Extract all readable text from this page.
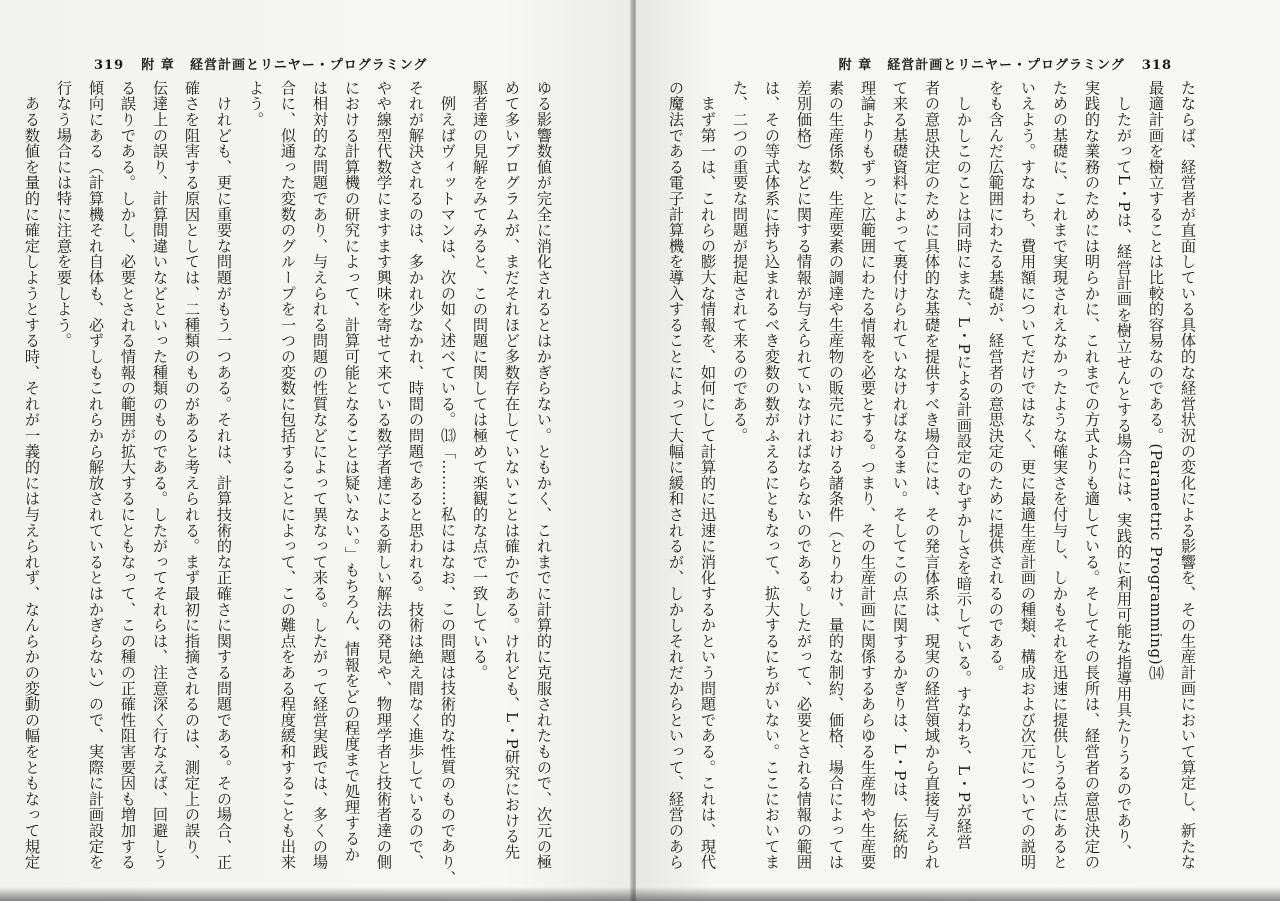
319 附 章 経営計画とリニヤー・プログラミング
ゆる影響数値が完全に消化されるとはかぎらない。ともかく、これまでに計算的に克服されたもので、次元の極
めて多いプログラムが、まだそれほど多数存在していないことは確かである。けれども、L・P研究における先
駆者達の見解をみてみると、この問題に関しては極めて楽観的な点で一致している。
　例えばヴィットマンは、次の如く述べている。⒀「………私にはなお、この問題は技術的な性質のものであり、
それが解決されるのは、多かれ少なかれ、時間の問題であると思われる。技術は絶え間なく進歩しているので、
やや線型代数学にますます興味を寄せて来ている数学者達による新しい解法の発見や、物理学者と技術者達の側
における計算機の研究によって、計算可能となることは疑いない。」もちろん、情報をどの程度まで処理するか
は相対的な問題であり、与えられる問題の性質などによって異なって来る。したがって経営実践では、多くの場
合に、似通った変数のグループを一つの変数に包括することによって、この難点をある程度緩和することも出来
よう。
　けれども、更に重要な問題がもう一つある。それは、計算技術的な正確さに関する問題である。その場合、正
確さを阻害する原因としては、二種類のものがあると考えられる。まず最初に指摘されるのは、測定上の誤り、
伝達上の誤り、計算間違いなどといった種類のものである。したがってそれらは、注意深く行なえば、回避しう
る誤りである。しかし、必要とされる情報の範囲が拡大するにともなって、この種の正確性阻害要因も増加する
傾向にある（計算機それ自体も、必ずしもこれらから解放されているとはかぎらない）ので、実際に計画設定を
行なう場合には特に注意を要しよう。
　ある数値を量的に確定しようとする時、それが一義的には与えられず、なんらかの変動の幅をともなって規定
附 章 経営計画とリニヤー・プログラミング 318
たならば、経営者が直面している具体的な経営状況の変化による影響を、その生産計画において算定し、新たな
最適計画を樹立することは比較的容易なのである。(Parametric Programming)⒁
　したがってL・Pは、経営計画を樹立せんとする場合には、実践的に利用可能な指導用具たりうるのであり、
実践的な業務のためには明らかに、これまでの方式よりも適している。そしてその長所は、経営者の意思決定の
ための基礎に、これまで実現されえなかったような確実さを付与し、しかもそれを迅速に提供しうる点にあると
いえよう。すなわち、費用額についてだけではなく、更に最適生産計画の種類、構成および次元についての説明
をも含んだ広範囲にわたる基礎が、経営者の意思決定のために提供されるのである。
　しかしこのことは同時にまた、L・Pによる計画設定のむずかしさを暗示している。すなわち、L・Pが経営
者の意思決定のために具体的な基礎を提供すべき場合には、その発言体系は、現実の経営領域から直接与えられ
て来る基礎資料によって裏付けられていなければなるまい。そしてこの点に関するかぎりは、L・Pは、伝統的
理論よりもずっと広範囲にわたる情報を必要とする。つまり、その生産計画に関係するあらゆる生産物や生産要
素の生産係数、生産要素の調達や生産物の販売における諸条件（とりわけ、量的な制約、価格、場合によっては
差別価格）などに関する情報が与えられていなければならないのである。したがって、必要とされる情報の範囲
は、その等式体系に持ち込まれるべき変数の数がふえるにともなって、拡大するにちがいない。ここにおいてま
た、二つの重要な問題が提起されて来るのである。
　まず第一は、これらの膨大な情報を、如何にして計算的に迅速に消化するかという問題である。これは、現代
の魔法である電子計算機を導入することによって大幅に緩和されるが、しかしそれだからといって、経営のあら
